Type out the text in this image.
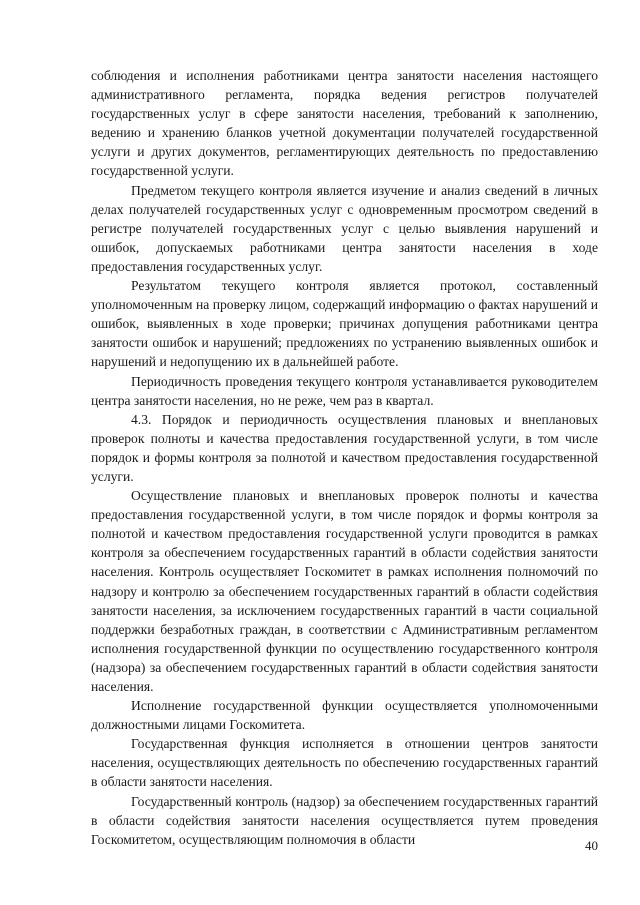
соблюдения и исполнения работниками центра занятости населения настоящего административного регламента, порядка ведения регистров получателей государственных услуг в сфере занятости населения, требований к заполнению, ведению и хранению бланков учетной документации получателей государственной услуги и других документов, регламентирующих деятельность по предоставлению государственной услуги.

Предметом текущего контроля является изучение и анализ сведений в личных делах получателей государственных услуг с одновременным просмотром сведений в регистре получателей государственных услуг с целью выявления нарушений и ошибок, допускаемых работниками центра занятости населения в ходе предоставления государственных услуг.

Результатом текущего контроля является протокол, составленный уполномоченным на проверку лицом, содержащий информацию о фактах нарушений и ошибок, выявленных в ходе проверки; причинах допущения работниками центра занятости ошибок и нарушений; предложениях по устранению выявленных ошибок и нарушений и недопущению их в дальнейшей работе.

Периодичность проведения текущего контроля устанавливается руководителем центра занятости населения, но не реже, чем раз в квартал.

4.3. Порядок и периодичность осуществления плановых и внеплановых проверок полноты и качества предоставления государственной услуги, в том числе порядок и формы контроля за полнотой и качеством предоставления государственной услуги.

Осуществление плановых и внеплановых проверок полноты и качества предоставления государственной услуги, в том числе порядок и формы контроля за полнотой и качеством предоставления государственной услуги проводится в рамках контроля за обеспечением государственных гарантий в области содействия занятости населения. Контроль осуществляет Госкомитет в рамках исполнения полномочий по надзору и контролю за обеспечением государственных гарантий в области содействия занятости населения, за исключением государственных гарантий в части социальной поддержки безработных граждан, в соответствии с Административным регламентом исполнения государственной функции по осуществлению государственного контроля (надзора) за обеспечением государственных гарантий в области содействия занятости населения.

Исполнение государственной функции осуществляется уполномоченными должностными лицами Госкомитета.

Государственная функция исполняется в отношении центров занятости населения, осуществляющих деятельность по обеспечению государственных гарантий в области занятости населения.

Государственный контроль (надзор) за обеспечением государственных гарантий в области содействия занятости населения осуществляется путем проведения Госкомитетом, осуществляющим полномочия в области	40
